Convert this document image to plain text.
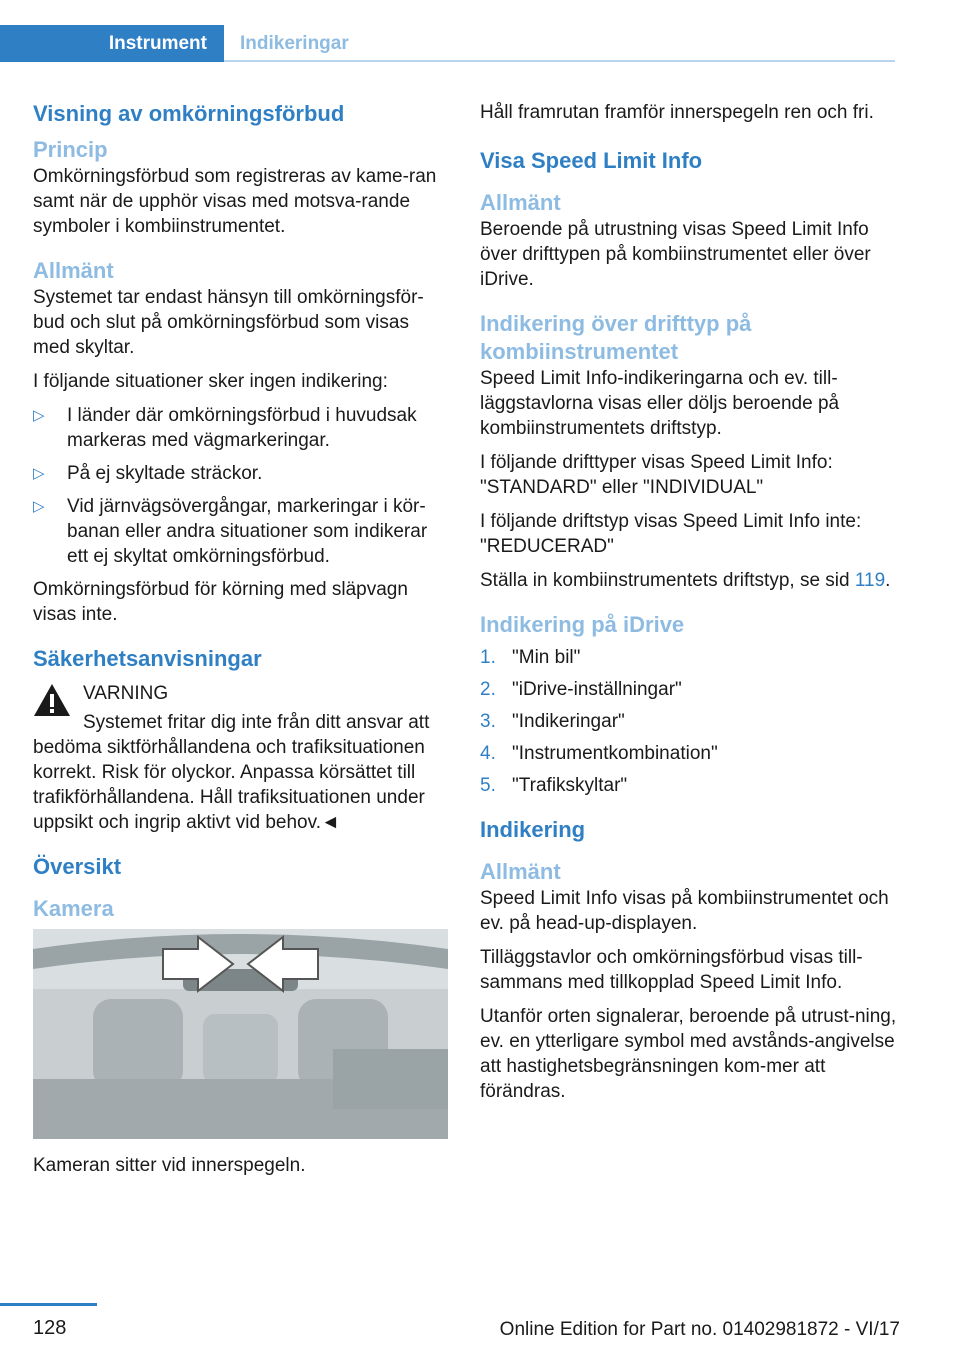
Instrument	Indikeringar
Visning av omkörningsförbud
Princip

Omkörningsförbud som registreras av kame-ran samt när de upphör visas med motsva-rande symboler i kombiinstrumentet.

Allmänt

Systemet tar endast hänsyn till omkörningsför-bud och slut på omkörningsförbud som visas med skyltar.

I följande situationer sker ingen indikering:

▷ I länder där omkörningsförbud i huvudsak markeras med vägmarkeringar.
▷ På ej skyltade sträckor.
▷ Vid järnvägsövergångar, markeringar i kör-banan eller andra situationer som indikerar ett ej skyltat omkörningsförbud.

Omkörningsförbud för körning med släpvagn visas inte.

Säkerhetsanvisningar

VARNING

Systemet fritar dig inte från ditt ansvar att bedöma siktförhållandena och trafiksituationen korrekt. Risk för olyckor. Anpassa körsättet till trafikförhållandena. Håll trafiksituationen under uppsikt och ingrip aktivt vid behov.◄

Översikt
Kamera

Kameran sitter vid innerspegeln.

Håll framrutan framför innerspegeln ren och fri.

Visa Speed Limit Info
Allmänt

Beroende på utrustning visas Speed Limit Info över drifttypen på kombiinstrumentet eller över iDrive.

Indikering över drifttyp på kombiinstrumentet

Speed Limit Info-indikeringarna och ev. till-läggstavlorna visas eller döljs beroende på kombiinstrumentets driftstyp.

I följande drifttyper visas Speed Limit Info: "STANDARD" eller "INDIVIDUAL"

I följande driftstyp visas Speed Limit Info inte: "REDUCERAD"

Ställa in kombiinstrumentets driftstyp, se sid 119.

Indikering på iDrive
1. "Min bil"
2. "iDrive-inställningar"
3. "Indikeringar"
4. "Instrumentkombination"
5. "Trafikskyltar"
Indikering
Allmänt

Speed Limit Info visas på kombiinstrumentet och ev. på head-up-displayen.

Tilläggstavlor och omkörningsförbud visas till-sammans med tillkopplad Speed Limit Info.

Utanför orten signalerar, beroende på utrust-ning, ev. en ytterligare symbol med avstånds-angivelse att hastighetsbegränsningen kom-mer att förändras.

128	Online Edition for Part no. 01402981872 - VI/17
